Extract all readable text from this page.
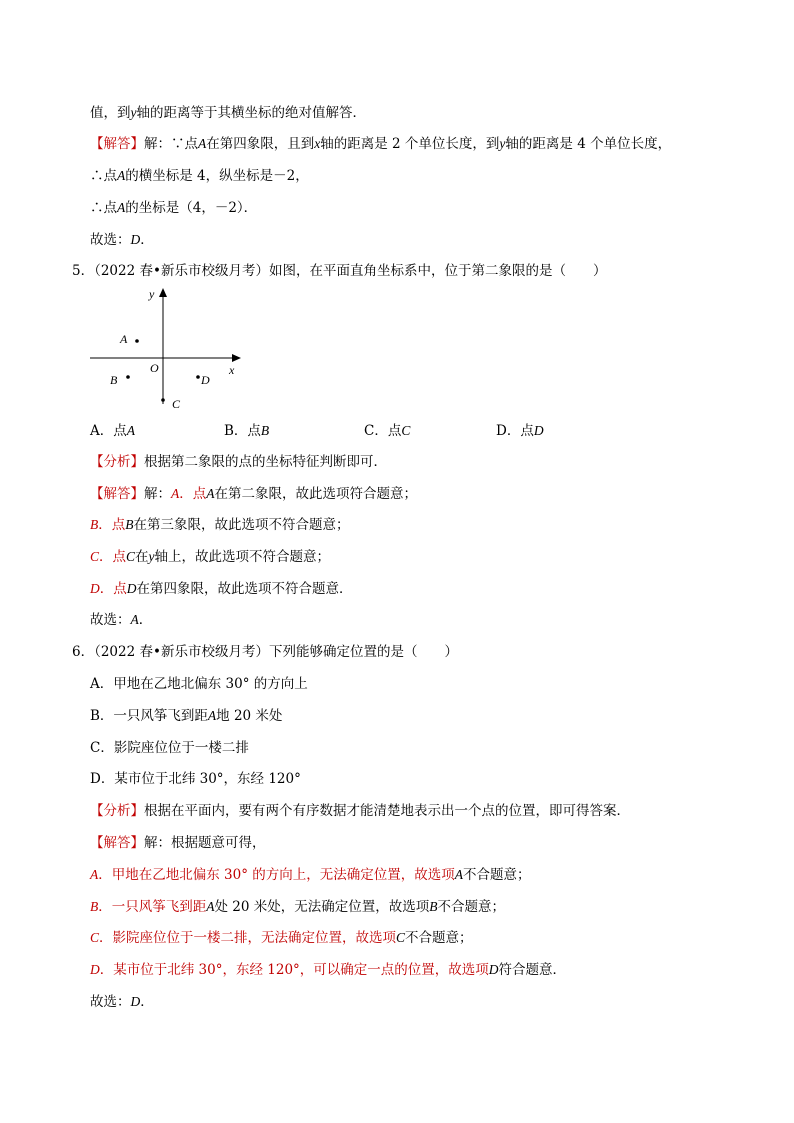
值，到y轴的距离等于其横坐标的绝对值解答．
【解答】解：∵点A在第四象限，且到x轴的距离是 2 个单位长度，到y轴的距离是 4 个单位长度，
∴点A的横坐标是 4，纵坐标是－2，
∴点A的坐标是（4，－2）．
故选：D．
5．（2022 春•新乐市校级月考）如图，在平面直角坐标系中，位于第二象限的是（　　）
y
x
O
A
B
C
D
A．点A	B．点B	C．点C	D．点D
【分析】根据第二象限的点的坐标特征判断即可．
【解答】解：A．点A在第二象限，故此选项符合题意；
B．点B在第三象限，故此选项不符合题意；
C．点C在y轴上，故此选项不符合题意；
D．点D在第四象限，故此选项不符合题意．
故选：A．
6．（2022 春•新乐市校级月考）下列能够确定位置的是（　　）
A．甲地在乙地北偏东 30° 的方向上
B．一只风筝飞到距A地 20 米处
C．影院座位位于一楼二排
D．某市位于北纬 30°，东经 120°
【分析】根据在平面内，要有两个有序数据才能清楚地表示出一个点的位置，即可得答案．
【解答】解：根据题意可得，
A．甲地在乙地北偏东 30° 的方向上，无法确定位置，故选项A不合题意；
B．一只风筝飞到距A处 20 米处，无法确定位置，故选项B不合题意；
C．影院座位位于一楼二排，无法确定位置，故选项C不合题意；
D．某市位于北纬 30°，东经 120°，可以确定一点的位置，故选项D符合题意．
故选：D．
